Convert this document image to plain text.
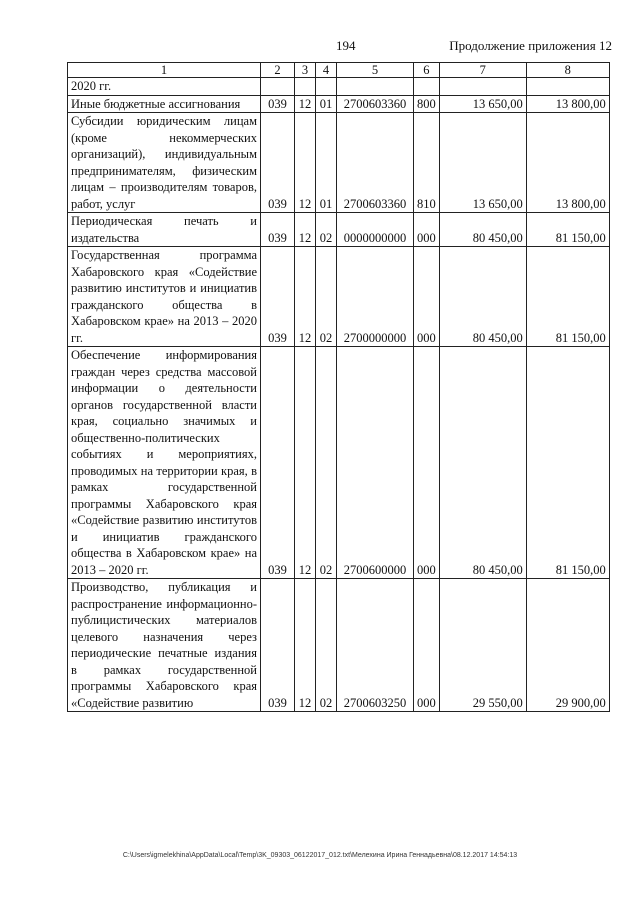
194	Продолжение приложения 12
1	2	3	4	5	6	7	8
2020 гг.							
Иные бюджетные ассигнования	039	12	01	2700603360	800	13 650,00	13 800,00
Субсидии юридическим лицам (кроме некоммерческих организаций), индивидуальным предпринимателям, физическим лицам – производителям товаров, работ, услуг	039	12	01	2700603360	810	13 650,00	13 800,00
Периодическая печать и издательства	039	12	02	0000000000	000	80 450,00	81 150,00
Государственная программа Хабаровского края «Содействие развитию институтов и инициатив гражданского общества в Хабаровском крае» на 2013 – 2020 гг.	039	12	02	2700000000	000	80 450,00	81 150,00
Обеспечение информирования граждан через средства массовой информации о деятельности органов государственной власти края, социально значимых и общественно-политических событиях и мероприятиях, проводимых на территории края, в рамках государственной программы Хабаровского края «Содействие развитию институтов и инициатив гражданского общества в Хабаровском крае» на 2013 – 2020 гг.	039	12	02	2700600000	000	80 450,00	81 150,00
Производство, публикация и распространение информационно-публицистических материалов целевого назначения через периодические печатные издания в рамках государственной программы Хабаровского края «Содействие развитию	039	12	02	2700603250	000	29 550,00	29 900,00
C:\Users\igmelekhina\AppData\Local\Temp\3K_09303_06122017_012.txt\Мелехина Ирина Геннадьевна\08.12.2017 14:54:13
